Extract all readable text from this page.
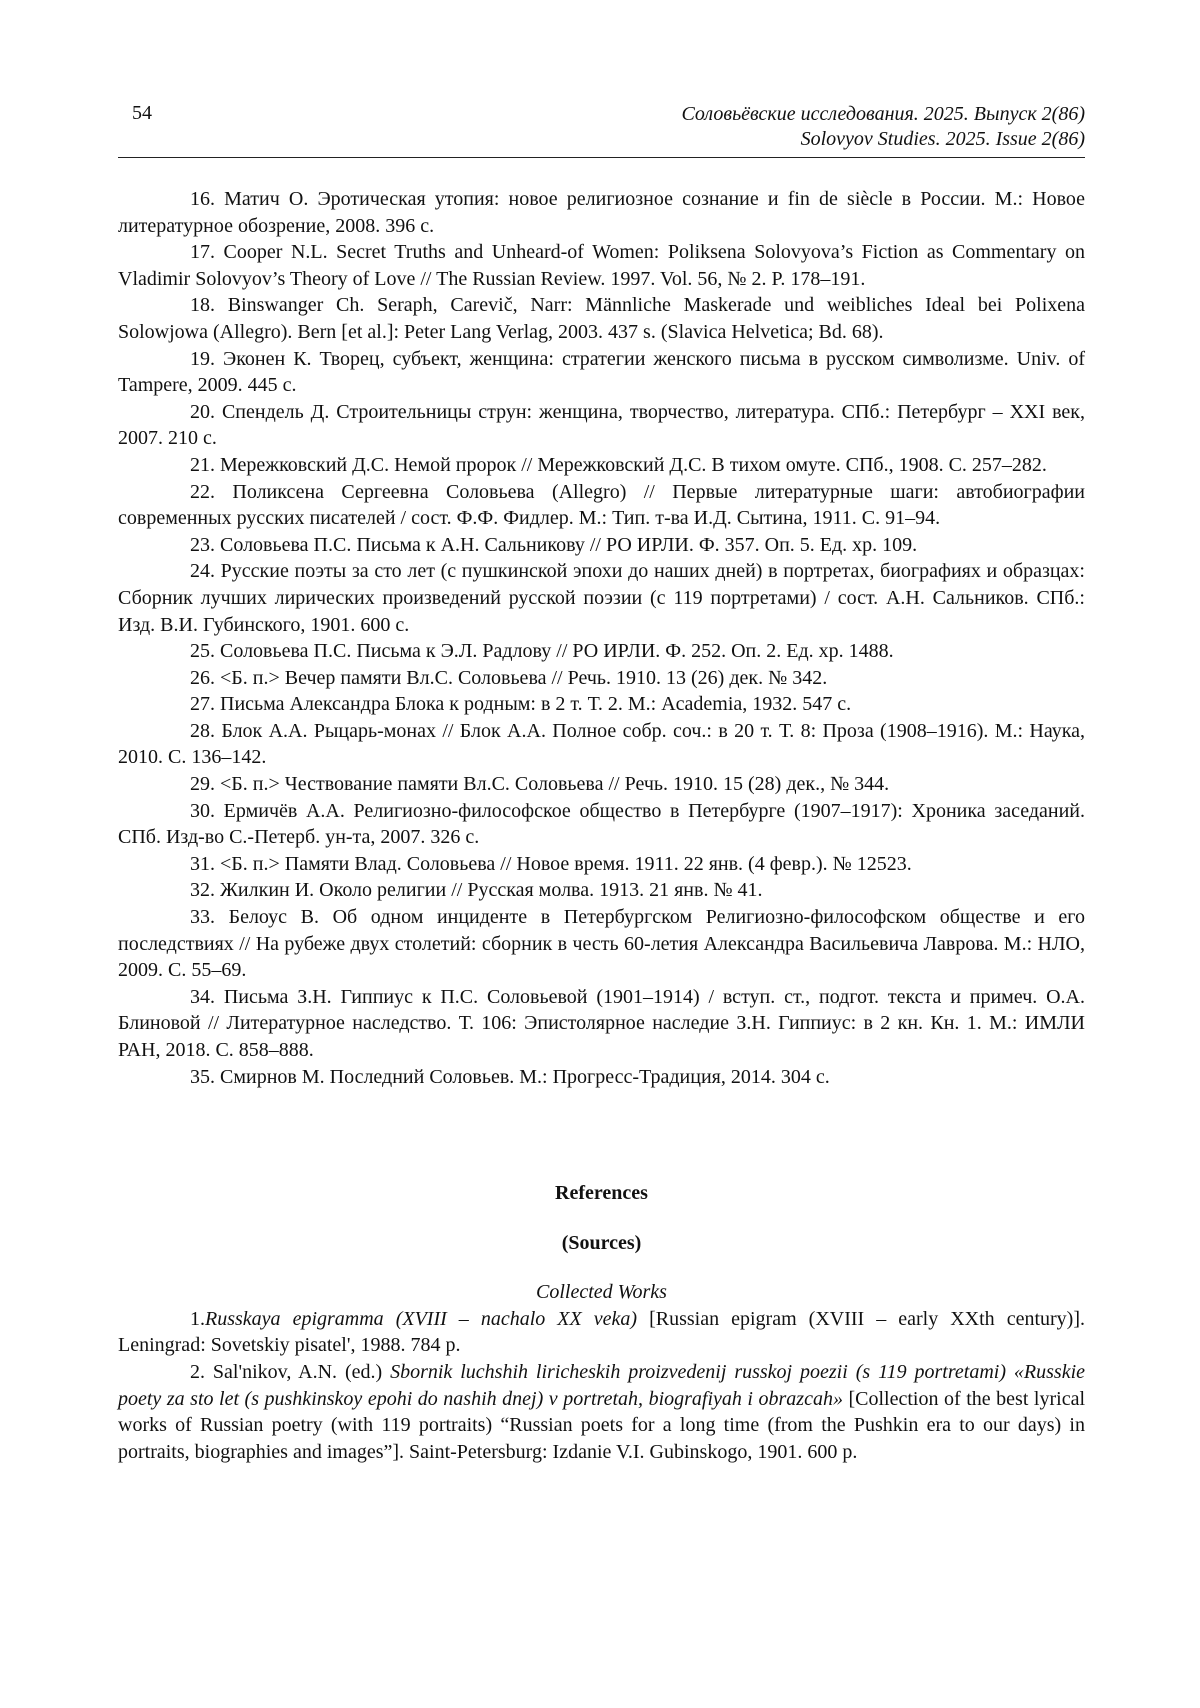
54	Соловьёвские исследования. 2025. Выпуск 2(86)
Solovyov Studies. 2025. Issue 2(86)

16. Матич О. Эротическая утопия: новое религиозное сознание и fin de siècle в России. М.: Новое литературное обозрение, 2008. 396 с.

17. Cooper N.L. Secret Truths and Unheard-of Women: Poliksena Solovyova’s Fiction as Commentary on Vladimir Solovyov’s Theory of Love // The Russian Review. 1997. Vol. 56, № 2. P. 178–191.

18. Binswanger Ch. Seraph, Carevič, Narr: Männliche Maskerade und weibliches Ideal bei Polixena Solowjowa (Allegro). Bern [et al.]: Peter Lang Verlag, 2003. 437 s. (Slavica Helvetica; Bd. 68).

19. Эконен К. Творец, субъект, женщина: стратегии женского письма в русском символизме. Univ. of Tampere, 2009. 445 с.

20. Спендель Д. Строительницы струн: женщина, творчество, литература. СПб.: Петербург – XXI век, 2007. 210 с.

21. Мережковский Д.С. Немой пророк // Мережковский Д.С. В тихом омуте. СПб., 1908. С. 257–282.

22. Поликсена Сергеевна Соловьева (Allegro) // Первые литературные шаги: автобиографии современных русских писателей / сост. Ф.Ф. Фидлер. М.: Тип. т-ва И.Д. Сытина, 1911. С. 91–94.

23. Соловьева П.С. Письма к А.Н. Сальникову // РО ИРЛИ. Ф. 357. Оп. 5. Ед. хр. 109.

24. Русские поэты за сто лет (с пушкинской эпохи до наших дней) в портретах, биографиях и образцах: Сборник лучших лирических произведений русской поэзии (с 119 портретами) / сост. А.Н. Сальников. СПб.: Изд. В.И. Губинского, 1901. 600 с.

25. Соловьева П.С. Письма к Э.Л. Радлову // РО ИРЛИ. Ф. 252. Оп. 2. Ед. хр. 1488.

26. <Б. п.> Вечер памяти Вл.С. Соловьева // Речь. 1910. 13 (26) дек. № 342.

27. Письма Александра Блока к родным: в 2 т. Т. 2. М.: Academia, 1932. 547 с.

28. Блок А.А. Рыцарь-монах // Блок А.А. Полное собр. соч.: в 20 т. Т. 8: Проза (1908–1916). М.: Наука, 2010. С. 136–142.

29. <Б. п.> Чествование памяти Вл.С. Соловьева // Речь. 1910. 15 (28) дек., № 344.

30. Ермичёв А.А. Религиозно-философское общество в Петербурге (1907–1917): Хроника заседаний. СПб. Изд-во С.-Петерб. ун-та, 2007. 326 с.

31. <Б. п.> Памяти Влад. Соловьева // Новое время. 1911. 22 янв. (4 февр.). № 12523.

32. Жилкин И. Около религии // Русская молва. 1913. 21 янв. № 41.

33. Белоус В. Об одном инциденте в Петербургском Религиозно-философском обществе и его последствиях // На рубеже двух столетий: сборник в честь 60-летия Александра Васильевича Лаврова. М.: НЛО, 2009. С. 55–69.

34. Письма З.Н. Гиппиус к П.С. Соловьевой (1901–1914) / вступ. ст., подгот. текста и примеч. О.А. Блиновой // Литературное наследство. Т. 106: Эпистолярное наследие З.Н. Гиппиус: в 2 кн. Кн. 1. М.: ИМЛИ РАН, 2018. С. 858–888.

35. Смирнов М. Последний Соловьев. М.: Прогресс-Традиция, 2014. 304 с.

References

(Sources)

Collected Works

1.Russkaya epigramma (XVIII – nachalo XX veka) [Russian epigram (XVIII – early XXth century)]. Leningrad: Sovetskiy pisatel', 1988. 784 p.

2. Sal'nikov, A.N. (ed.) Sbornik luchshih liricheskih proizvedenij russkoj poezii (s 119 portretami) «Russkie poety za sto let (s pushkinskoy epohi do nashih dnej) v portretah, biografiyah i obrazcah» [Collection of the best lyrical works of Russian poetry (with 119 portraits) “Russian poets for a long time (from the Pushkin era to our days) in portraits, biographies and images”]. Saint-Petersburg: Izdanie V.I. Gubinskogo, 1901. 600 p.
